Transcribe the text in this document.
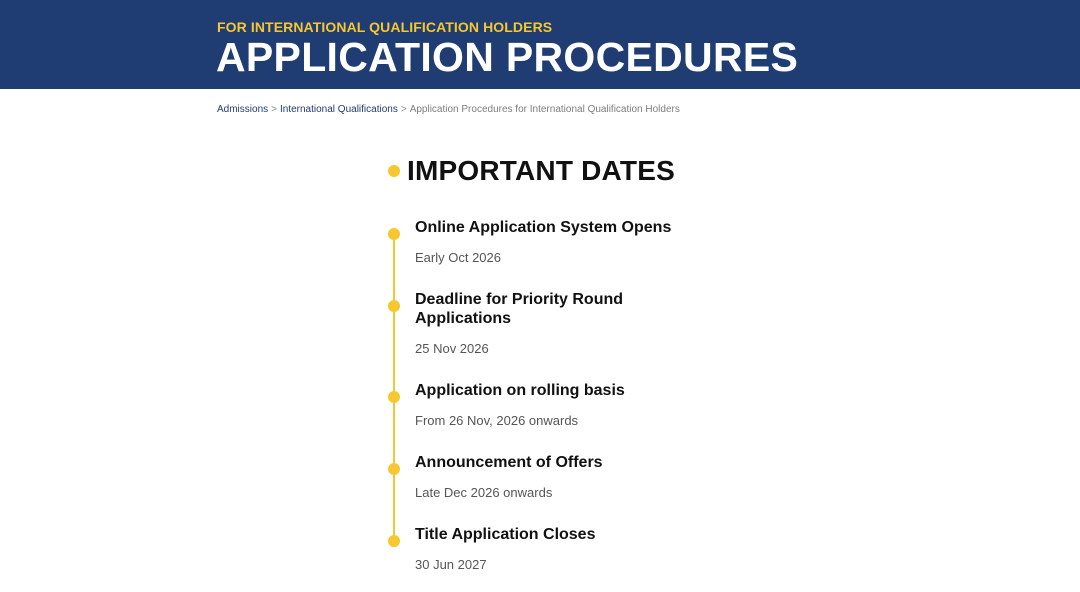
FOR INTERNATIONAL QUALIFICATION HOLDERS
APPLICATION PROCEDURES
Admissions > International Qualifications > Application Procedures for International Qualification Holders
IMPORTANT DATES
Online Application System Opens
Early Oct 2026
Deadline for Priority Round Applications
25 Nov 2026
Application on rolling basis
From 26 Nov, 2026 onwards
Announcement of Offers
Late Dec 2026 onwards
Title Application Closes
30 Jun 2027
